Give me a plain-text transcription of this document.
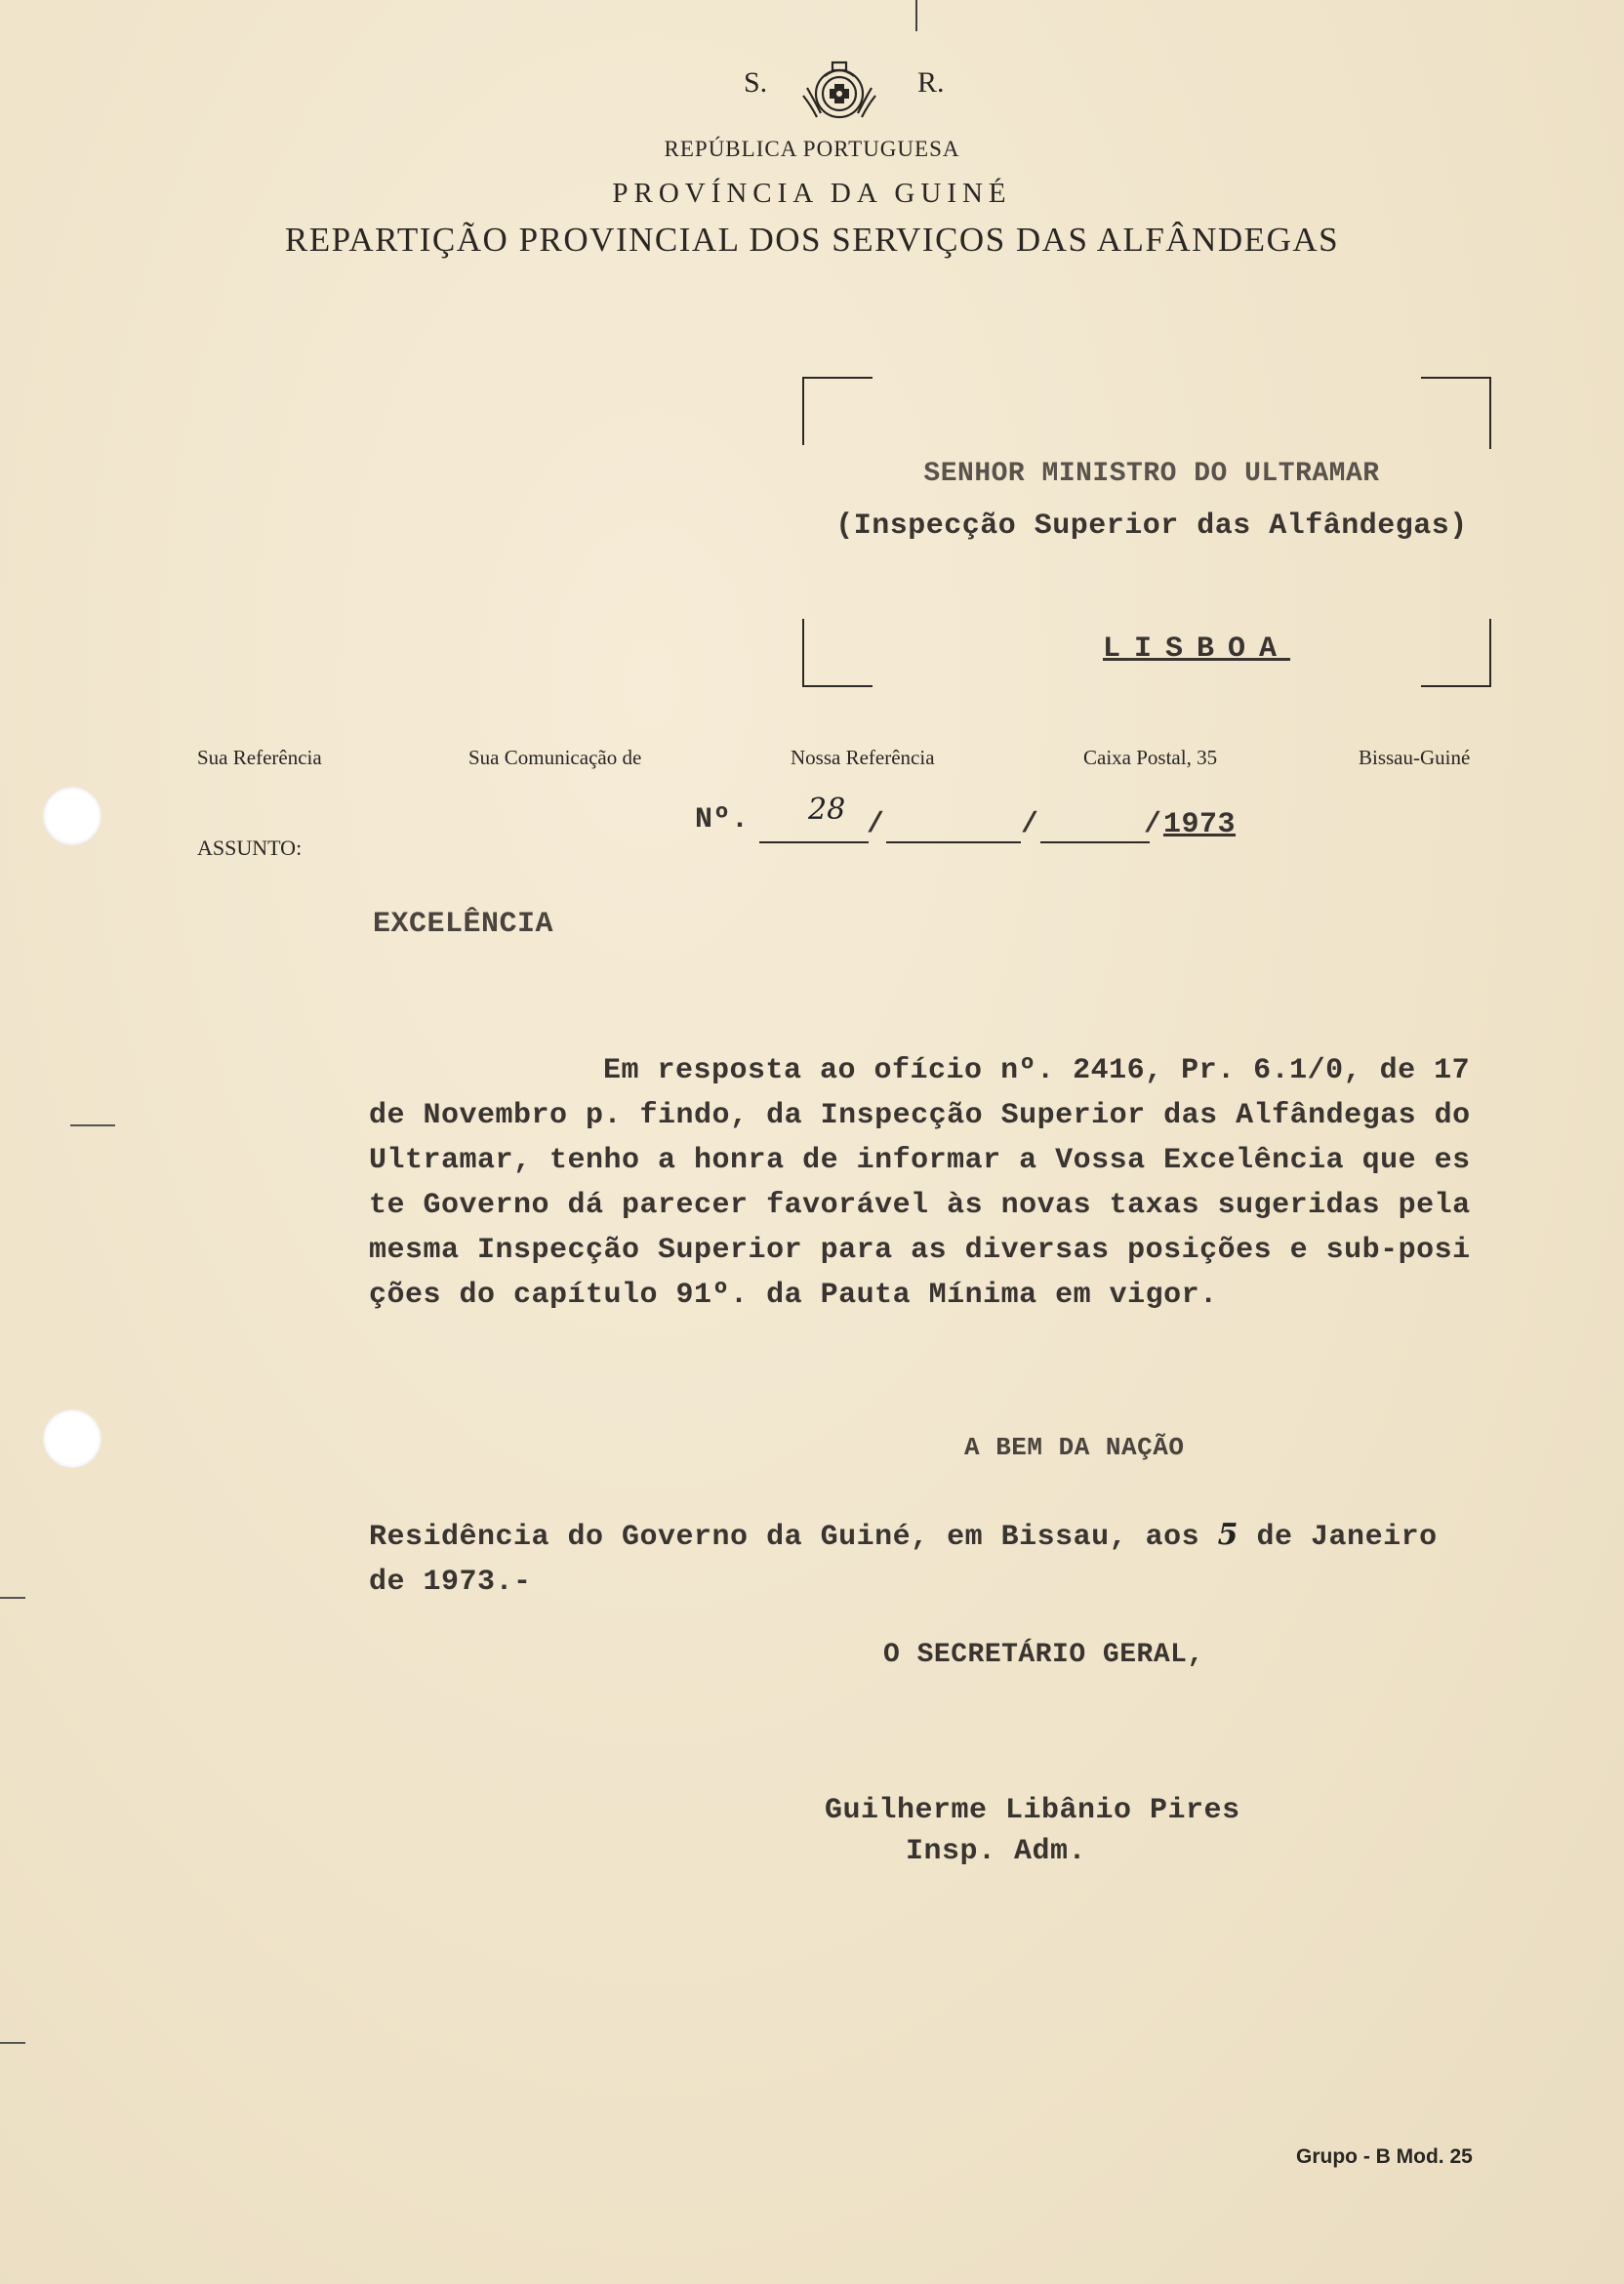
S.	R.
REPÚBLICA PORTUGUESA
PROVÍNCIA DA GUINÉ
REPARTIÇÃO PROVINCIAL DOS SERVIÇOS DAS ALFÂNDEGAS
SENHOR MINISTRO DO ULTRAMAR
(Inspecção Superior das Alfândegas)
LISBOA
Sua Referência	Sua Comunicação de	Nossa Referência	Caixa Postal, 35	Bissau-Guiné
ASSUNTO:
Nº. 28 /	/	/ 1973
EXCELÊNCIA
Em resposta ao ofício nº. 2416, Pr. 6.1/0, de 17
de Novembro p. findo, da Inspecção Superior das Alfândegas do
Ultramar, tenho a honra de informar a Vossa Excelência que es
te Governo dá parecer favorável às novas taxas sugeridas pela
mesma Inspecção Superior para as diversas posições e sub-posi
ções do capítulo 91º. da Pauta Mínima em vigor.
A BEM DA NAÇÃO
Residência do Governo da Guiné, em Bissau, aos 5 de Janeiro
de 1973.-
O SECRETÁRIO GERAL,
Guilherme Libânio Pires
Insp. Adm.
Grupo - B Mod. 25
